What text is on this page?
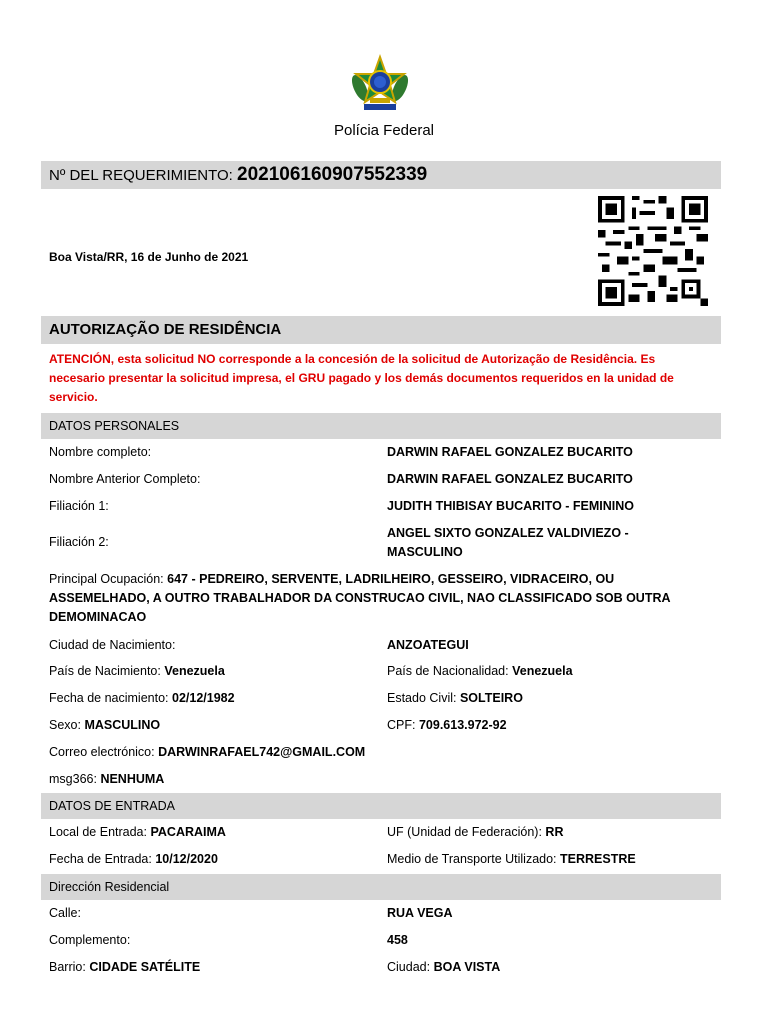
Polícia Federal
Nº DEL REQUERIMIENTO: 202106160907552339
Boa Vista/RR, 16 de Junho de 2021
AUTORIZAÇÃO DE RESIDÊNCIA
ATENCIÓN, esta solicitud NO corresponde a la concesión de la solicitud de Autorização de Residência. Es necesario presentar la solicitud impresa, el GRU pagado y los demás documentos requeridos en la unidad de servicio.
DATOS PERSONALES
Nombre completo:	DARWIN RAFAEL GONZALEZ BUCARITO
Nombre Anterior Completo:	DARWIN RAFAEL GONZALEZ BUCARITO
Filiación 1:	JUDITH THIBISAY BUCARITO - FEMININO
Filiación 2:
ANGEL SIXTO GONZALEZ VALDIVIEZO -
MASCULINO
Principal Ocupación: 647 - PEDREIRO, SERVENTE, LADRILHEIRO, GESSEIRO, VIDRACEIRO, OU ASSEMELHADO, A OUTRO TRABALHADOR DA CONSTRUCAO CIVIL, NAO CLASSIFICADO SOB OUTRA DEMOMINACAO
Ciudad de Nacimiento:	ANZOATEGUI
País de Nacimiento: Venezuela	País de Nacionalidad: Venezuela
Fecha de nacimiento: 02/12/1982	Estado Civil: SOLTEIRO
Sexo: MASCULINO	CPF: 709.613.972-92
Correo electrónico: DARWINRAFAEL742@GMAIL.COM
msg366: NENHUMA
DATOS DE ENTRADA
Local de Entrada: PACARAIMA	UF (Unidad de Federación): RR
Fecha de Entrada: 10/12/2020	Medio de Transporte Utilizado: TERRESTRE
Dirección Residencial
Calle:	RUA VEGA
Complemento:	458
Barrio: CIDADE SATÉLITE	Ciudad: BOA VISTA
